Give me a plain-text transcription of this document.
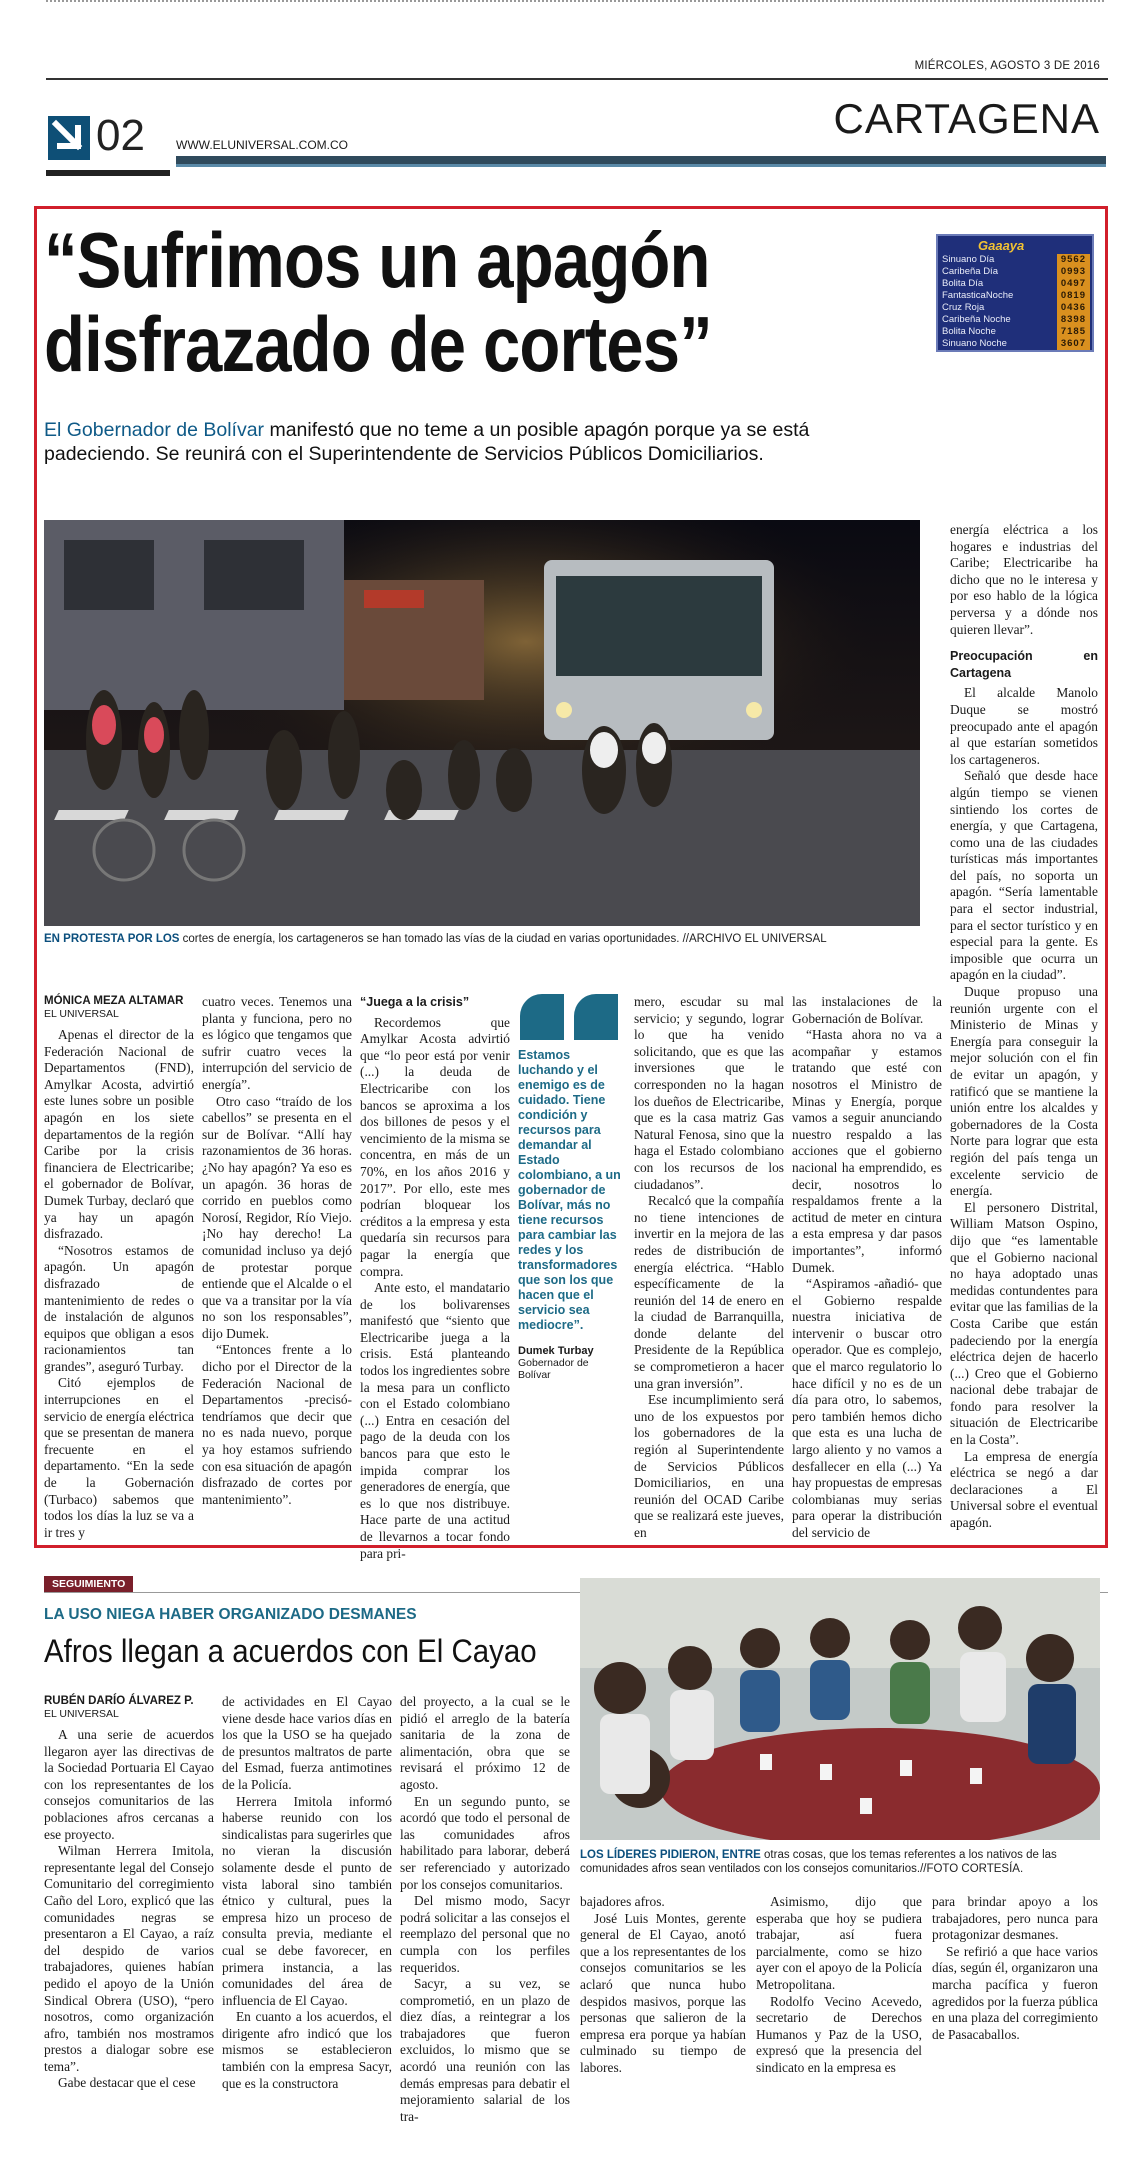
MIÉRCOLES, AGOSTO 3 DE 2016
02	WWW.ELUNIVERSAL.COM.CO
CARTAGENA
“Sufrimos un apagón
disfrazado de cortes”
Gaaaya
Sinuano Día	9562
Caribeña Día	0993
Bolita Día	0497
FantasticaNoche	0819
Cruz Roja	0436
Caribeña Noche	8398
Bolita Noche	7185
Sinuano Noche	3607
El Gobernador de Bolívar manifestó que no teme a un posible apagón porque ya se está
padeciendo. Se reunirá con el Superintendente de Servicios Públicos Domiciliarios.
EN PROTESTA POR LOS cortes de energía, los cartageneros se han tomado las vías de la ciudad en varias oportunidades. //ARCHIVO EL UNIVERSAL
MÓNICA MEZA ALTAMAR
EL UNIVERSAL

Apenas el director de la Federación Nacional de Departamentos (FND), Amylkar Acosta, advirtió este lunes sobre un posible apagón en los siete departamentos de la región Caribe por la crisis financiera de Electricaribe; el gobernador de Bolívar, Dumek Turbay, declaró que ya hay un apagón disfrazado.

“Nosotros estamos de apagón. Un apagón disfrazado de mantenimiento de redes o de instalación de algunos equipos que obligan a esos racionamientos tan grandes”, aseguró Turbay.

Citó ejemplos de interrupciones en el servicio de energía eléctrica que se presentan de manera frecuente en el departamento. “En la sede de la Gobernación (Turbaco) sabemos que todos los días la luz se va a ir tres y

cuatro veces. Tenemos una planta y funciona, pero no es lógico que tengamos que sufrir cuatro veces la interrupción del servicio de energía”.

Otro caso “traído de los cabellos” se presenta en el sur de Bolívar. “Allí hay razonamientos de 36 horas. ¿No hay apagón? Ya eso es un apagón. 36 horas de corrido en pueblos como Norosí, Regidor, Río Viejo. ¡No hay derecho! La comunidad incluso ya dejó de protestar porque entiende que el Alcalde o el que va a transitar por la vía no son los responsables”, dijo Dumek.

“Entonces frente a lo dicho por el Director de la Federación Nacional de Departamentos -precisó- tendríamos que decir que no es nada nuevo, porque ya hoy estamos sufriendo con esa situación de apagón disfrazado de cortes por mantenimiento”.

“Juega a la crisis”

Recordemos que Amylkar Acosta advirtió que “lo peor está por venir (...) la deuda de Electricaribe con los bancos se aproxima a los dos billones de pesos y el vencimiento de la misma se concentra, en más de un 70%, en los años 2016 y 2017”. Por ello, este mes podrían bloquear los créditos a la empresa y esta quedaría sin recursos para pagar la energía que compra.

Ante esto, el mandatario de los bolivarenses manifestó que “siento que Electricaribe juega a la crisis. Está planteando todos los ingredientes sobre la mesa para un conflicto con el Estado colombiano (...) Entra en cesación del pago de la deuda con los bancos para que esto le impida comprar los generadores de energía, que es lo que nos distribuye. Hace parte de una actitud de llevarnos a tocar fondo para pri-

Estamos luchando y el enemigo es de cuidado. Tiene condición y recursos para demandar al Estado colombiano, a un gobernador de Bolívar, más no tiene recursos para cambiar las redes y los transformadores que son los que hacen que el servicio sea mediocre”.
Dumek Turbay
Gobernador de Bolívar

mero, escudar su mal servicio; y segundo, lograr lo que ha venido solicitando, que es que las inversiones que le corresponden no la hagan los dueños de Electricaribe, que es la casa matriz Gas Natural Fenosa, sino que la haga el Estado colombiano con los recursos de los ciudadanos”.

Recalcó que la compañía no tiene intenciones de invertir en la mejora de las redes de distribución de energía eléctrica. “Hablo específicamente de la reunión del 14 de enero en la ciudad de Barranquilla, donde delante del Presidente de la República se comprometieron a hacer una gran inversión”.

Ese incumplimiento será uno de los expuestos por los gobernadores de la región al Superintendente de Servicios Públicos Domiciliarios, en una reunión del OCAD Caribe que se realizará este jueves, en

las instalaciones de la Gobernación de Bolívar.

“Hasta ahora no va a acompañar y estamos tratando que esté con nosotros el Ministro de Minas y Energía, porque vamos a seguir anunciando nuestro respaldo a las acciones que el gobierno nacional ha emprendido, es decir, nosotros lo respaldamos frente a la actitud de meter en cintura a esta empresa y dar pasos importantes”, informó Dumek.

“Aspiramos -añadió- que el Gobierno respalde nuestra iniciativa de intervenir o buscar otro operador. Que es complejo, que el marco regulatorio lo hace difícil y no es de un día para otro, lo sabemos, pero también hemos dicho que esta es una lucha de largo aliento y no vamos a desfallecer en ella (...) Ya hay propuestas de empresas colombianas muy serias para operar la distribución del servicio de

energía eléctrica a los hogares e industrias del Caribe; Electricaribe ha dicho que no le interesa y por eso hablo de la lógica perversa y a dónde nos quieren llevar”.

Preocupación en Cartagena

El alcalde Manolo Duque se mostró preocupado ante el apagón al que estarían sometidos los cartageneros.

Señaló que desde hace algún tiempo se vienen sintiendo los cortes de energía, y que Cartagena, como una de las ciudades turísticas más importantes del país, no soporta un apagón. “Sería lamentable para el sector industrial, para el sector turístico y en especial para la gente. Es imposible que ocurra un apagón en la ciudad”.

Duque propuso una reunión urgente con el Ministerio de Minas y Energía para conseguir la mejor solución con el fin de evitar un apagón, y ratificó que se mantiene la unión entre los alcaldes y gobernadores de la Costa Norte para lograr que esta región del país tenga un excelente servicio de energía.

El personero Distrital, William Matson Ospino, dijo que “es lamentable que el Gobierno nacional no haya adoptado unas medidas contundentes para evitar que las familias de la Costa Caribe que están padeciendo por la energía eléctrica dejen de hacerlo (...) Creo que el Gobierno nacional debe trabajar de fondo para resolver la situación de Electricaribe en la Costa”.

La empresa de energía eléctrica se negó a dar declaraciones a El Universal sobre el eventual apagón.

SEGUIMIENTO
LA USO NIEGA HABER ORGANIZADO DESMANES
Afros llegan a acuerdos con El Cayao
LOS LÍDERES PIDIERON, ENTRE otras cosas, que los temas referentes a los nativos de las comunidades afros sean ventilados con los consejos comunitarios.//FOTO CORTESÍA.
RUBÉN DARÍO ÁLVAREZ P.
EL UNIVERSAL

A una serie de acuerdos llegaron ayer las directivas de la Sociedad Portuaria El Cayao con los representantes de los consejos comunitarios de las poblaciones afros cercanas a ese proyecto.

Wilman Herrera Imitola, representante legal del Consejo Comunitario del corregimiento Caño del Loro, explicó que las comunidades negras se presentaron a El Cayao, a raíz del despido de varios trabajadores, quienes habían pedido el apoyo de la Unión Sindical Obrera (USO), “pero nosotros, como organización afro, también nos mostramos prestos a dialogar sobre ese tema”.

Gabe destacar que el cese

de actividades en El Cayao viene desde hace varios días en los que la USO se ha quejado de presuntos maltratos de parte del Esmad, fuerza antimotines de la Policía.

Herrera Imitola informó haberse reunido con los sindicalistas para sugerirles que no vieran la discusión solamente desde el punto de vista laboral sino también étnico y cultural, pues la empresa hizo un proceso de consulta previa, mediante el cual se debe favorecer, en primera instancia, a las comunidades del área de influencia de El Cayao.

En cuanto a los acuerdos, el dirigente afro indicó que los mismos se establecieron también con la empresa Sacyr, que es la constructora

del proyecto, a la cual se le pidió el arreglo de la batería sanitaria de la zona de alimentación, obra que se revisará el próximo 12 de agosto.

En un segundo punto, se acordó que todo el personal de las comunidades afros habilitado para laborar, deberá ser referenciado y autorizado por los consejos comunitarios.

Del mismo modo, Sacyr podrá solicitar a las consejos el reemplazo del personal que no cumpla con los perfiles requeridos.

Sacyr, a su vez, se comprometió, en un plazo de diez días, a reintegrar a los trabajadores que fueron excluidos, lo mismo que se acordó una reunión con las demás empresas para debatir el mejoramiento salarial de los tra-

bajadores afros.

José Luis Montes, gerente general de El Cayao, anotó que a los representantes de los consejos comunitarios se les aclaró que nunca hubo despidos masivos, porque las personas que salieron de la empresa era porque ya habían culminado su tiempo de labores.

Asimismo, dijo que esperaba que hoy se pudiera trabajar, así fuera parcialmente, como se hizo ayer con el apoyo de la Policía Metropolitana.

Rodolfo Vecino Acevedo, secretario de Derechos Humanos y Paz de la USO, expresó que la presencia del sindicato en la empresa es

para brindar apoyo a los trabajadores, pero nunca para protagonizar desmanes.

Se refirió a que hace varios días, según él, organizaron una marcha pacífica y fueron agredidos por la fuerza pública en una plaza del corregimiento de Pasacaballos.
